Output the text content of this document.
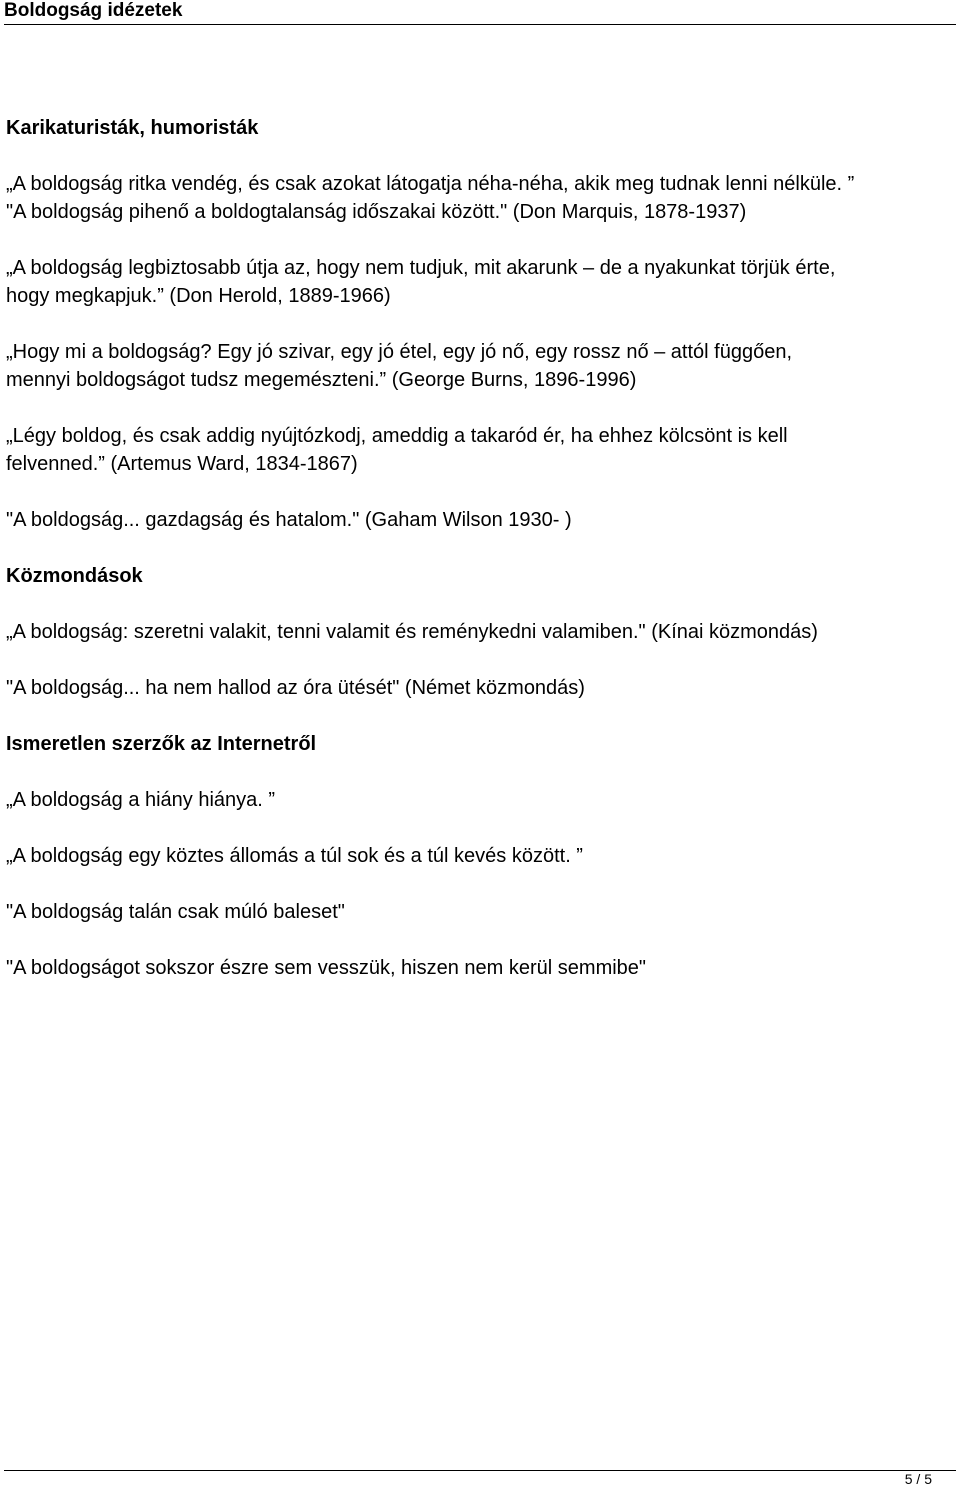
Boldogság idézetek
Karikaturisták, humoristák
„A boldogság ritka vendég, és csak azokat látogatja néha-néha, akik meg tudnak lenni nélküle. ”
"A boldogság pihenő a boldogtalanság időszakai között." (Don Marquis, 1878-1937)
„A boldogság legbiztosabb útja az, hogy nem tudjuk, mit akarunk ‒ de a nyakunkat törjük érte,
hogy megkapjuk.” (Don Herold, 1889-1966)
„Hogy mi a boldogság? Egy jó szivar, egy jó étel, egy jó nő, egy rossz nő ‒ attól függően,
mennyi boldogságot tudsz megemészteni.” (George Burns, 1896-1996)
„Légy boldog, és csak addig nyújtózkodj, ameddig a takaród ér, ha ehhez kölcsönt is kell
felvenned.” (Artemus Ward, 1834-1867)
"A boldogság... gazdagság és hatalom." (Gaham Wilson 1930- )
Közmondások
„A boldogság: szeretni valakit, tenni valamit és reménykedni valamiben." (Kínai közmondás)
"A boldogság... ha nem hallod az óra ütését" (Német közmondás)
Ismeretlen szerzők az Internetről
„A boldogság a hiány hiánya. ”
„A boldogság egy köztes állomás a túl sok és a túl kevés között. ”
"A boldogság talán csak múló baleset"
"A boldogságot sokszor észre sem vesszük, hiszen nem kerül semmibe"
5 / 5
